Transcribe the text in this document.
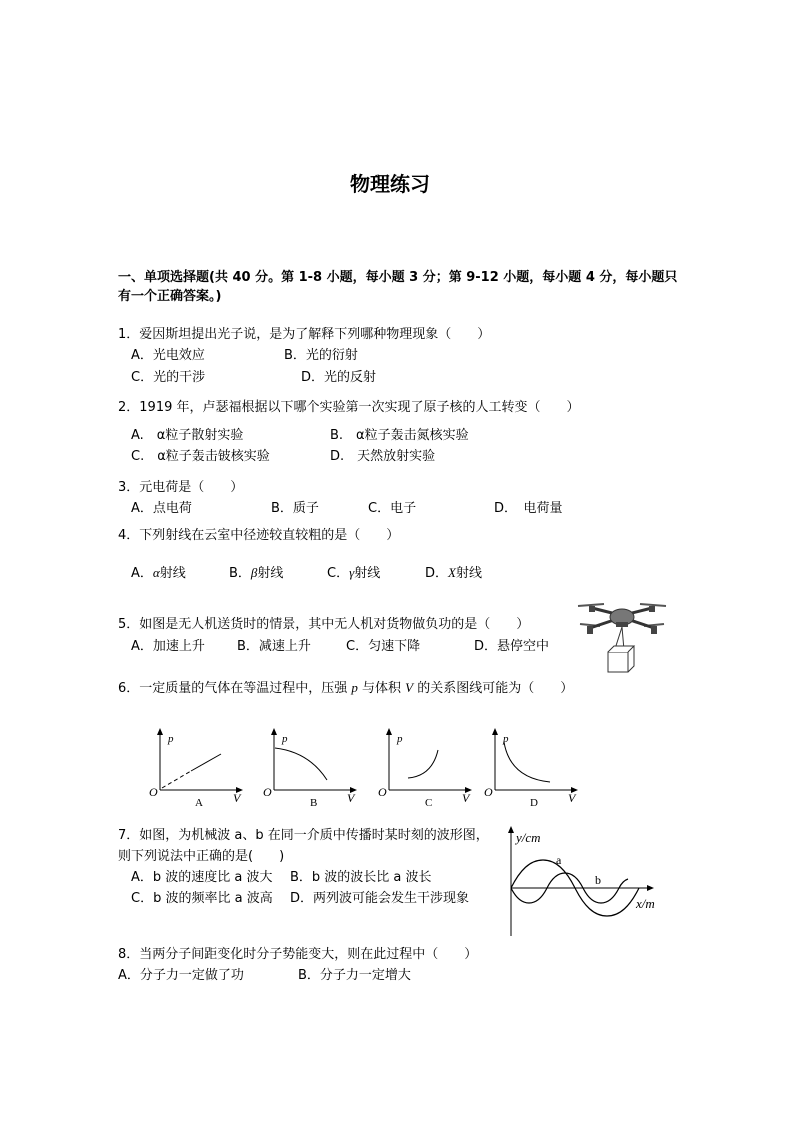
物理练习
一、单项选择题(共 40 分。第 1-8 小题，每小题 3 分；第 9-12 小题，每小题 4 分，每小题只
有一个正确答案。)
1．爱因斯坦提出光子说，是为了解释下列哪种物理现象（　　）
A．光电效应	B．光的衍射
C．光的干涉	D．光的反射
2．1919 年，卢瑟福根据以下哪个实验第一次实现了原子核的人工转变（　　）
A.　α粒子散射实验	B.　α粒子轰击氮核实验
C.　α粒子轰击铍核实验	D.　天然放射实验
3．元电荷是（　　）
A．点电荷	B．质子	C．电子	D．　电荷量
4．下列射线在云室中径迹较直较粗的是（　　）
A．α射线	B．β射线	C．γ射线	D．X射线
5．如图是无人机送货时的情景，其中无人机对货物做负功的是（　　）
A．加速上升 B．减速上升	C．匀速下降	D．悬停空中
6．一定质量的气体在等温过程中，压强 p 与体积 V 的关系图线可能为（　　）
p
O	V
A
p
O	V
B
p
O	V
C
p
O	V
D
7．如图，为机械波 a、b 在同一介质中传播时某时刻的波形图，
则下列说法中正确的是(　　)
A．b 波的速度比 a 波大 B．b 波的波长比 a 波长
C．b 波的频率比 a 波高 D．两列波可能会发生干涉现象
y/cm
x/m
a
b
8．当两分子间距变化时分子势能变大，则在此过程中（　　）
A．分子力一定做了功	B．分子力一定增大
